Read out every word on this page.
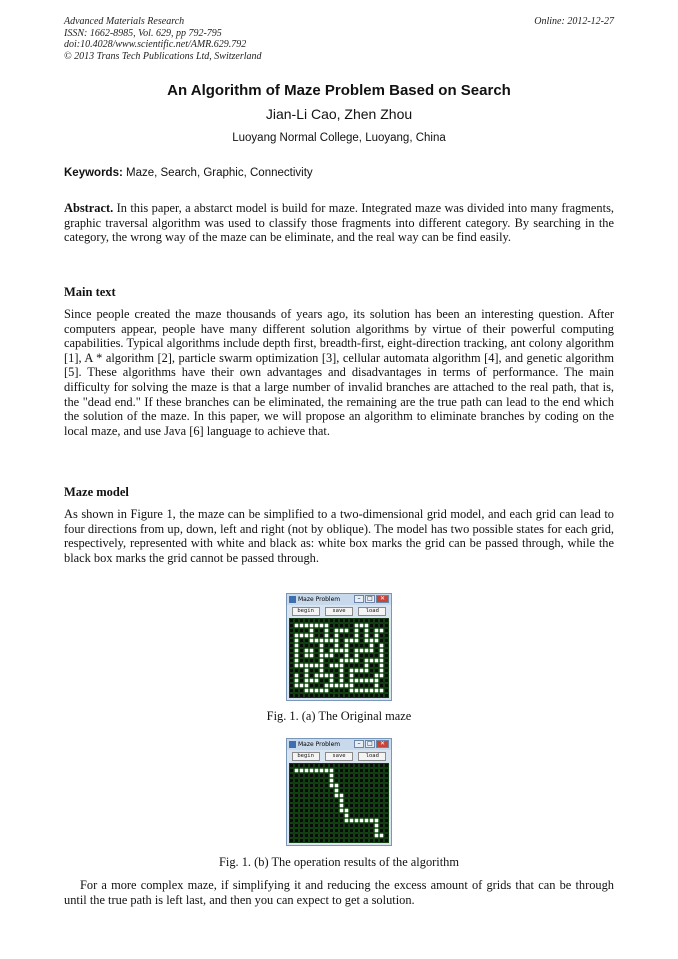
Advanced Materials Research
ISSN: 1662-8985, Vol. 629, pp 792-795
doi:10.4028/www.scientific.net/AMR.629.792
© 2013 Trans Tech Publications Ltd, Switzerland
Online: 2012-12-27
An Algorithm of Maze Problem Based on Search
Jian-Li Cao, Zhen Zhou
Luoyang Normal College, Luoyang, China
Keywords: Maze, Search, Graphic, Connectivity
Abstract. In this paper, a abstarct model is build for maze. Integrated maze was divided into many fragments, graphic traversal algorithm was used to classify those fragments into different category. By searching in the category, the wrong way of the maze can be eliminate, and the real way can be find easily.
Main text
Since people created the maze thousands of years ago, its solution has been an interesting question. After computers appear, people have many different solution algorithms by virtue of their powerful computing capabilities. Typical algorithms include depth first, breadth-first, eight-direction tracking, ant colony algorithm [1], A * algorithm [2], particle swarm optimization [3], cellular automata algorithm [4], and genetic algorithm [5]. These algorithms have their own advantages and disadvantages in terms of performance. The main difficulty for solving the maze is that a large number of invalid branches are attached to the real path, that is, the "dead end." If these branches can be eliminated, the remaining are the true path can lead to the end which the solution of the maze. In this paper, we will propose an algorithm to eliminate branches by coding on the local maze, and use Java [6] language to achieve that.
Maze model
As shown in Figure 1, the maze can be simplified to a two-dimensional grid model, and each grid can lead to four directions from up, down, left and right (not by oblique). The model has two possible states for each grid, respectively, represented with white and black as: white box marks the grid can be passed through, while the black box marks the grid cannot be passed through.
Maze Problem	–	□	✕
begin	save	load
Fig. 1. (a) The Original maze
Maze Problem	–	□	✕
begin	save	load
Fig. 1. (b) The operation results of the algorithm
For a more complex maze, if simplifying it and reducing the excess amount of grids that can be through until the true path is left last, and then you can expect to get a solution.
